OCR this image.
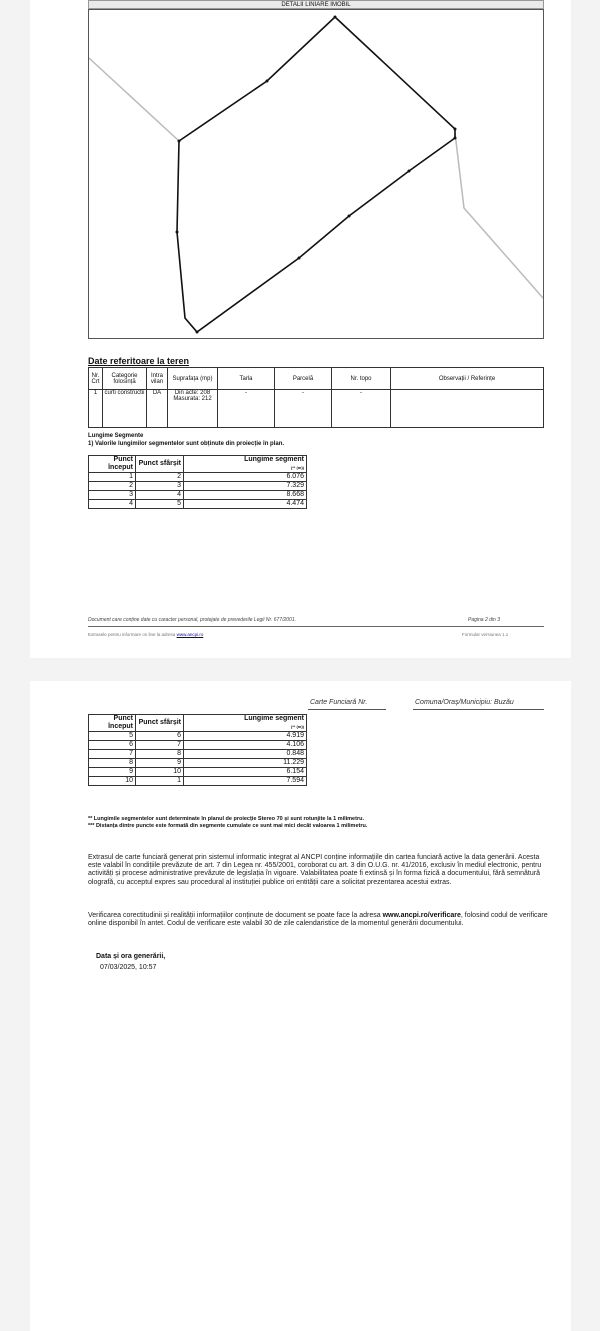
DETALII LINIARE IMOBIL
Date referitoare la teren
Nr. Crt	Categorie folosință	Intra vilan	Suprafața (mp)	Tarla	Parcelă	Nr. topo	Observații / Referințe
1	curti constructii	DA	Din acte: 208 Masurata: 212	-	-	-	
Lungime Segmente
1) Valorile lungimilor segmentelor sunt obținute din proiecție în plan.
Punct început	Punct sfârșit	Lungime segment
(** (m))

1	2	6.076
2	3	7.329
3	4	8.668
4	5	4.474
Document care conține date cu caracter personal, protejate de prevederile Legii Nr. 677/2001.	Pagina 2 din 3
Extrasele pentru informare on line la adresa www.ancpi.ro	Formular versiunea 1.1
Carte Funciară Nr.	Comuna/Oraș/Municipiu: Buzău
Punct început	Punct sfârșit	Lungime segment
(** (m))

5	6	4.919
6	7	4.106
7	8	0.848
8	9	11.229
9	10	6.154
10	1	7.594
** Lungimile segmentelor sunt determinate în planul de proiecție Stereo 70 și sunt rotunjite la 1 milimetru.
*** Distanța dintre puncte este formată din segmente cumulate ce sunt mai mici decât valoarea 1 milimetru.
Extrasul de carte funciară generat prin sistemul informatic integrat al ANCPI conține informațiile din cartea funciară active la data generării. Acesta este valabil în condițiile prevăzute de art. 7 din Legea nr. 455/2001, coroborat cu art. 3 din O.U.G. nr. 41/2016, exclusiv în mediul electronic, pentru activități și procese administrative prevăzute de legislația în vigoare. Valabilitatea poate fi extinsă și în forma fizică a documentului, fără semnătură olografă, cu acceptul expres sau procedural al instituției publice ori entității care a solicitat prezentarea acestui extras.
Verificarea corectitudinii și realității informațiilor conținute de document se poate face la adresa www.ancpi.ro/verificare, folosind codul de verificare online disponibil în antet. Codul de verificare este valabil 30 de zile calendaristice de la momentul generării documentului.
Data și ora generării,
07/03/2025, 10:57
